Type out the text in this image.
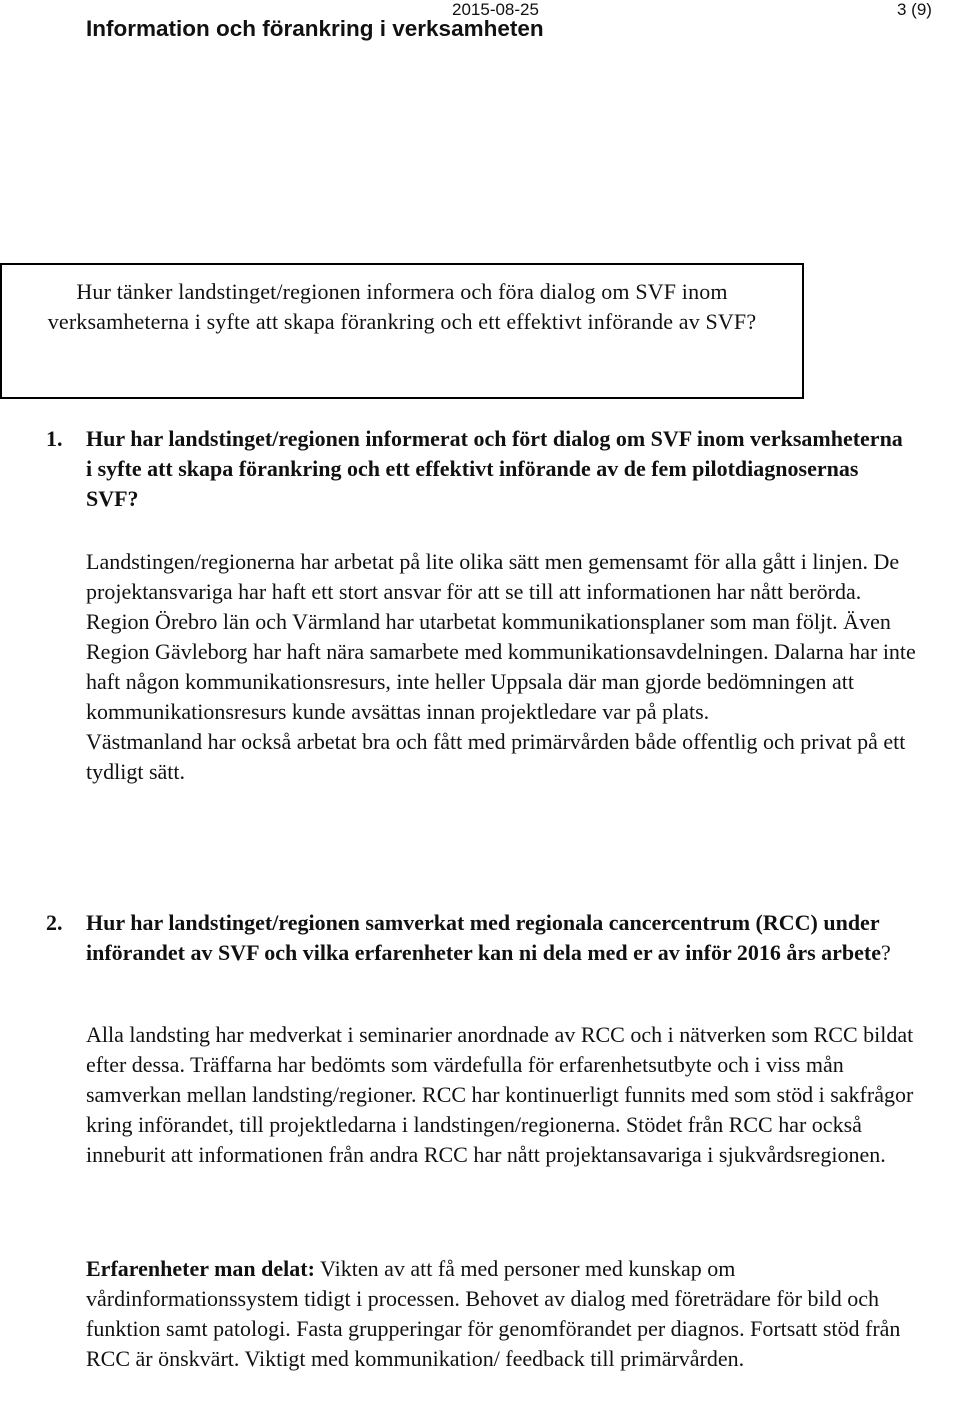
2015-08-25	3 (9)
Information och förankring i verksamheten
Hur tänker landstinget/regionen informera och föra dialog om SVF inom verksamheterna i syfte att skapa förankring och ett effektivt införande av SVF?
1. Hur har landstinget/regionen informerat och fört dialog om SVF inom verksamheterna i syfte att skapa förankring och ett effektivt införande av de fem pilotdiagnosernas SVF?

Landstingen/regionerna har arbetat på lite olika sätt men gemensamt för alla gått i linjen. De projektansvariga har haft ett stort ansvar för att se till att informationen har nått berörda. Region Örebro län och Värmland har utarbetat kommunikationsplaner som man följt. Även Region Gävleborg har haft nära samarbete med kommunikationsavdelningen. Dalarna har inte haft någon kommunikationsresurs, inte heller Uppsala där man gjorde bedömningen att kommunikationsresurs kunde avsättas innan projektledare var på plats.

Västmanland har också arbetat bra och fått med primärvården både offentlig och privat på ett tydligt sätt.

2. Hur har landstinget/regionen samverkat med regionala cancercentrum (RCC) under införandet av SVF och vilka erfarenheter kan ni dela med er av inför 2016 års arbete?

Alla landsting har medverkat i seminarier anordnade av RCC och i nätverken som RCC bildat efter dessa. Träffarna har bedömts som värdefulla för erfarenhetsutbyte och i viss mån samverkan mellan landsting/regioner. RCC har kontinuerligt funnits med som stöd i sakfrågor kring införandet, till projektledarna i landstingen/regionerna. Stödet från RCC har också inneburit att informationen från andra RCC har nått projektansavariga i sjukvårdsregionen.

Erfarenheter man delat: Vikten av att få med personer med kunskap om vårdinformationssystem tidigt i processen. Behovet av dialog med företrädare för bild och funktion samt patologi. Fasta grupperingar för genomförandet per diagnos. Fortsatt stöd från RCC är önskvärt. Viktigt med kommunikation/ feedback till primärvården.
